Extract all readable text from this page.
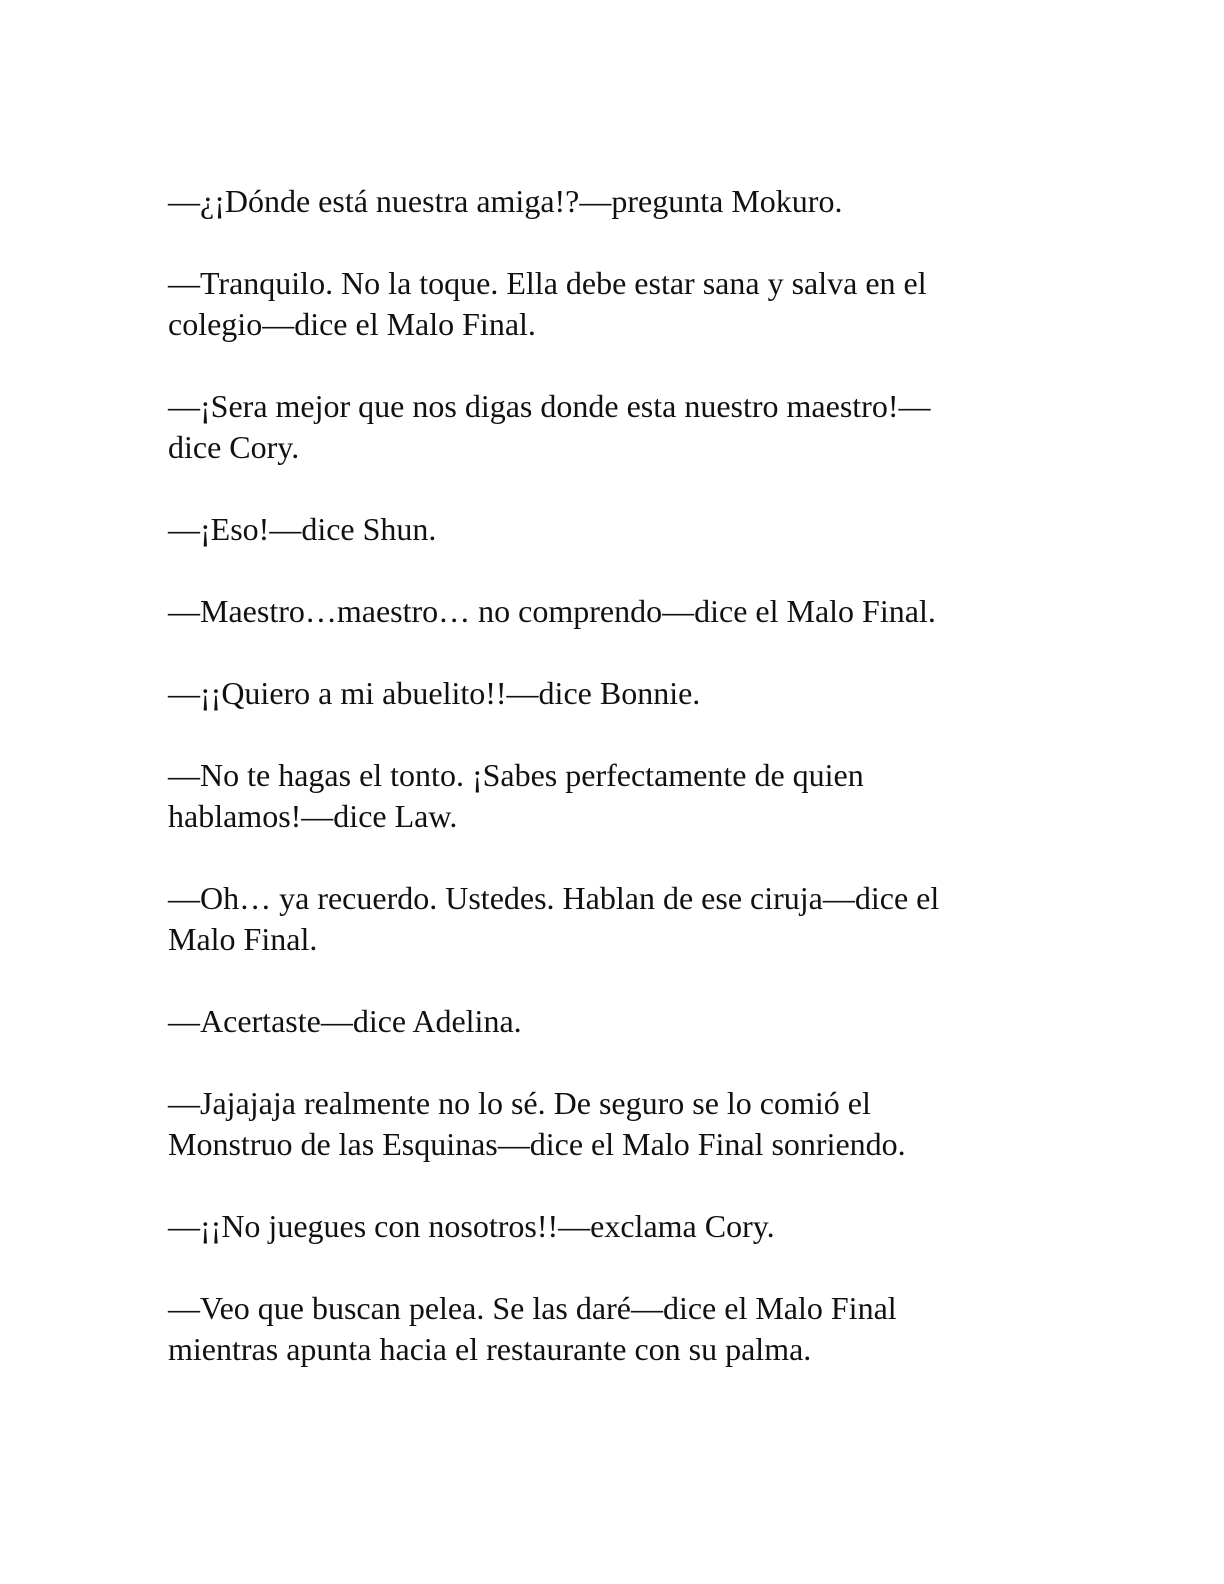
—¿¡Dónde está nuestra amiga!?—pregunta Mokuro.

—Tranquilo. No la toque. Ella debe estar sana y salva en el
colegio—dice el Malo Final.

—¡Sera mejor que nos digas donde esta nuestro maestro!—
dice Cory.

—¡Eso!—dice Shun.

—Maestro…maestro… no comprendo—dice el Malo Final.

—¡¡Quiero a mi abuelito!!—dice Bonnie.

—No te hagas el tonto. ¡Sabes perfectamente de quien
hablamos!—dice Law.

—Oh… ya recuerdo. Ustedes. Hablan de ese ciruja—dice el
Malo Final.

—Acertaste—dice Adelina.

—Jajajaja realmente no lo sé. De seguro se lo comió el
Monstruo de las Esquinas—dice el Malo Final sonriendo.

—¡¡No juegues con nosotros!!—exclama Cory.

—Veo que buscan pelea. Se las daré—dice el Malo Final
mientras apunta hacia el restaurante con su palma.
